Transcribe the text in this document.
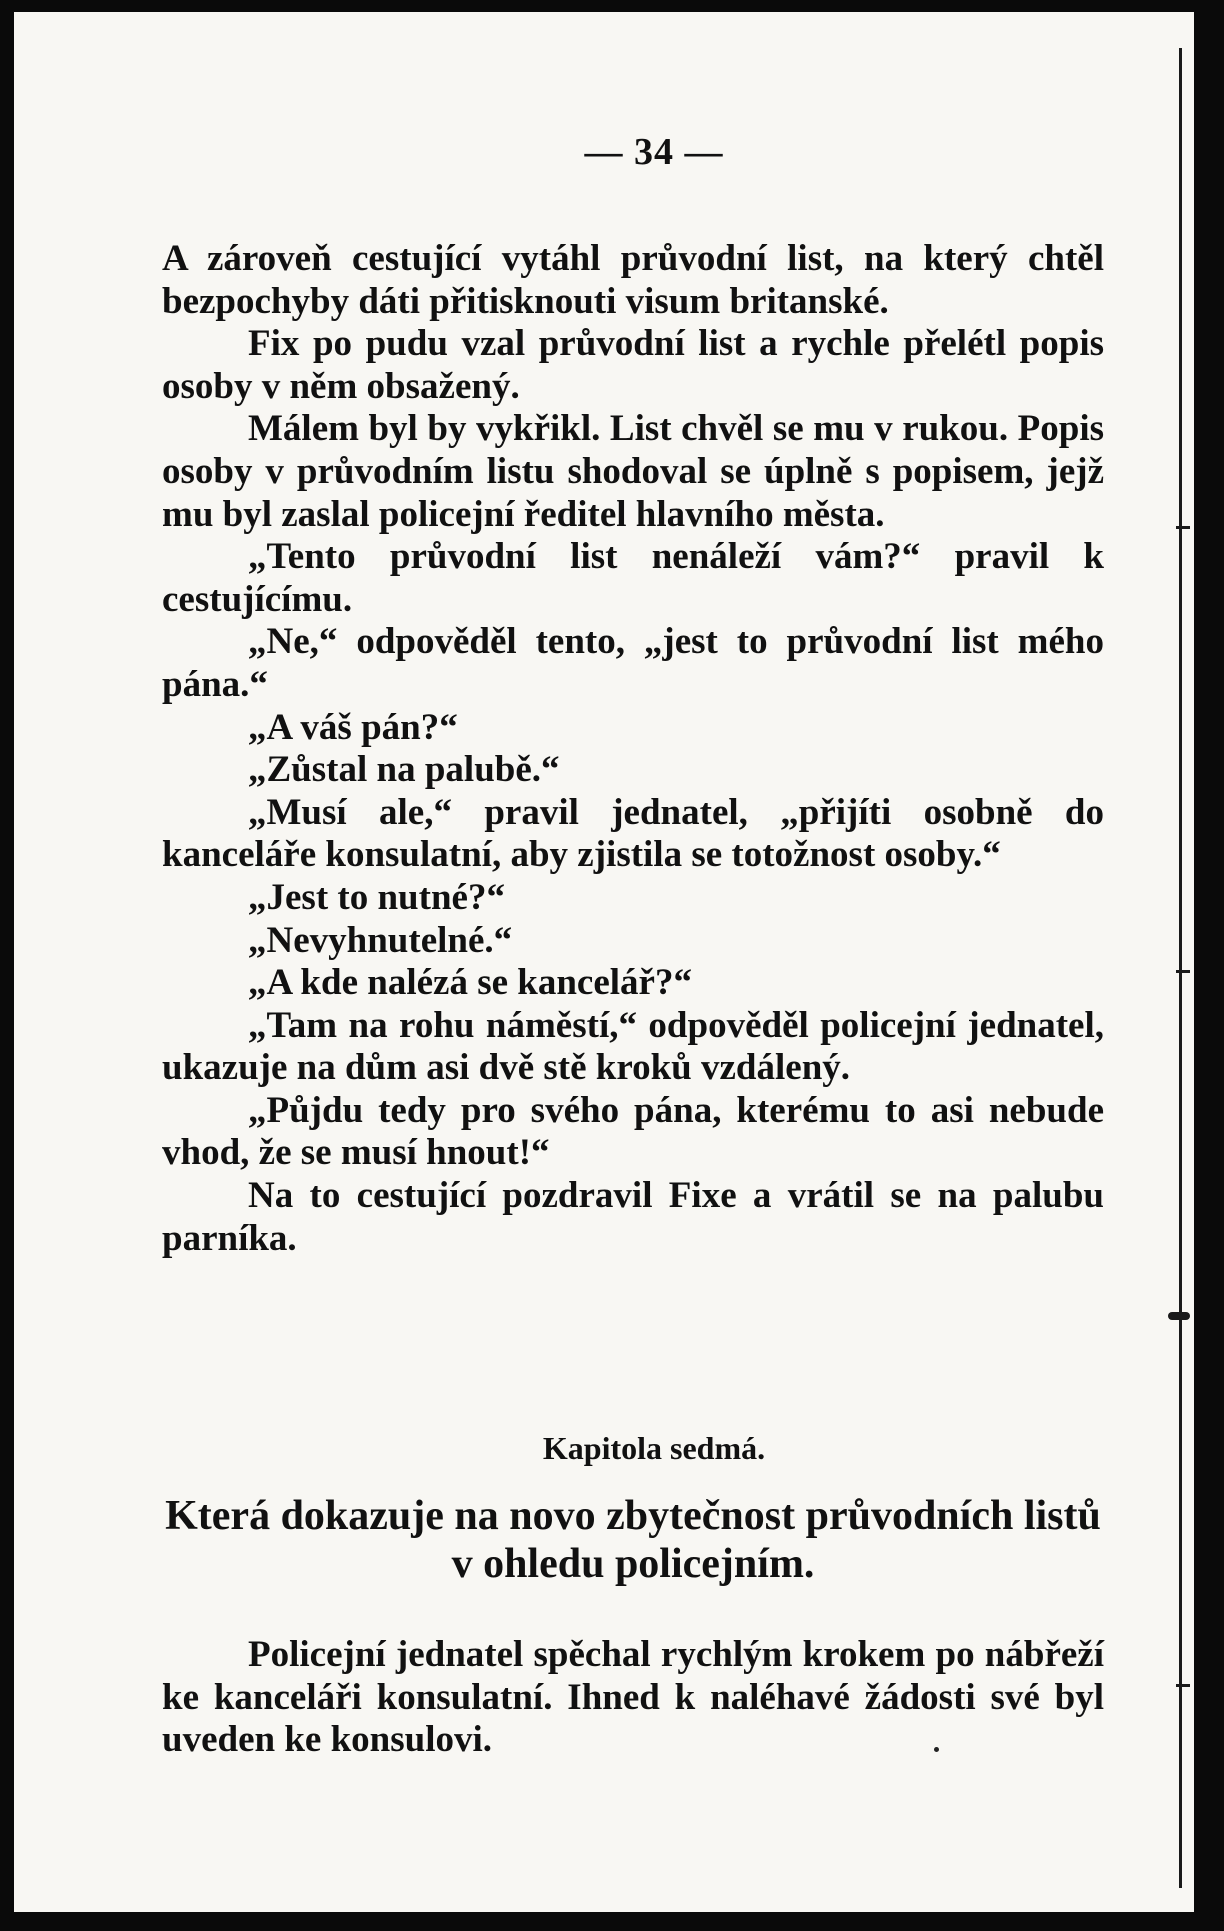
— 34 —

A zároveň cestující vytáhl průvodní list, na který chtěl bezpochyby dáti přitisknouti visum britanské.

Fix po pudu vzal průvodní list a rychle přelétl popis osoby v něm obsažený.

Málem byl by vykřikl. List chvěl se mu v rukou. Popis osoby v průvodním listu shodoval se úplně s popisem, jejž mu byl zaslal policejní ředitel hlavního města.

„Tento průvodní list nenáleží vám?“ pravil k cestujícímu.

„Ne,“ odpověděl tento, „jest to průvodní list mého pána.“

„A váš pán?“

„Zůstal na palubě.“

„Musí ale,“ pravil jednatel, „přijíti osobně do kanceláře konsulatní, aby zjistila se totožnost osoby.“

„Jest to nutné?“

„Nevyhnutelné.“

„A kde nalézá se kancelář?“

„Tam na rohu náměstí,“ odpověděl policejní jednatel, ukazuje na dům asi dvě stě kroků vzdálený.

„Půjdu tedy pro svého pána, kterému to asi nebude vhod, že se musí hnout!“

Na to cestující pozdravil Fixe a vrátil se na palubu parníka.

Kapitola sedmá.
Která dokazuje na novo zbytečnost průvodních listů v ohledu policejním.

Policejní jednatel spěchal rychlým krokem po nábřeží ke kanceláři konsulatní. Ihned k naléhavé žádosti své byl uveden ke konsulovi.
